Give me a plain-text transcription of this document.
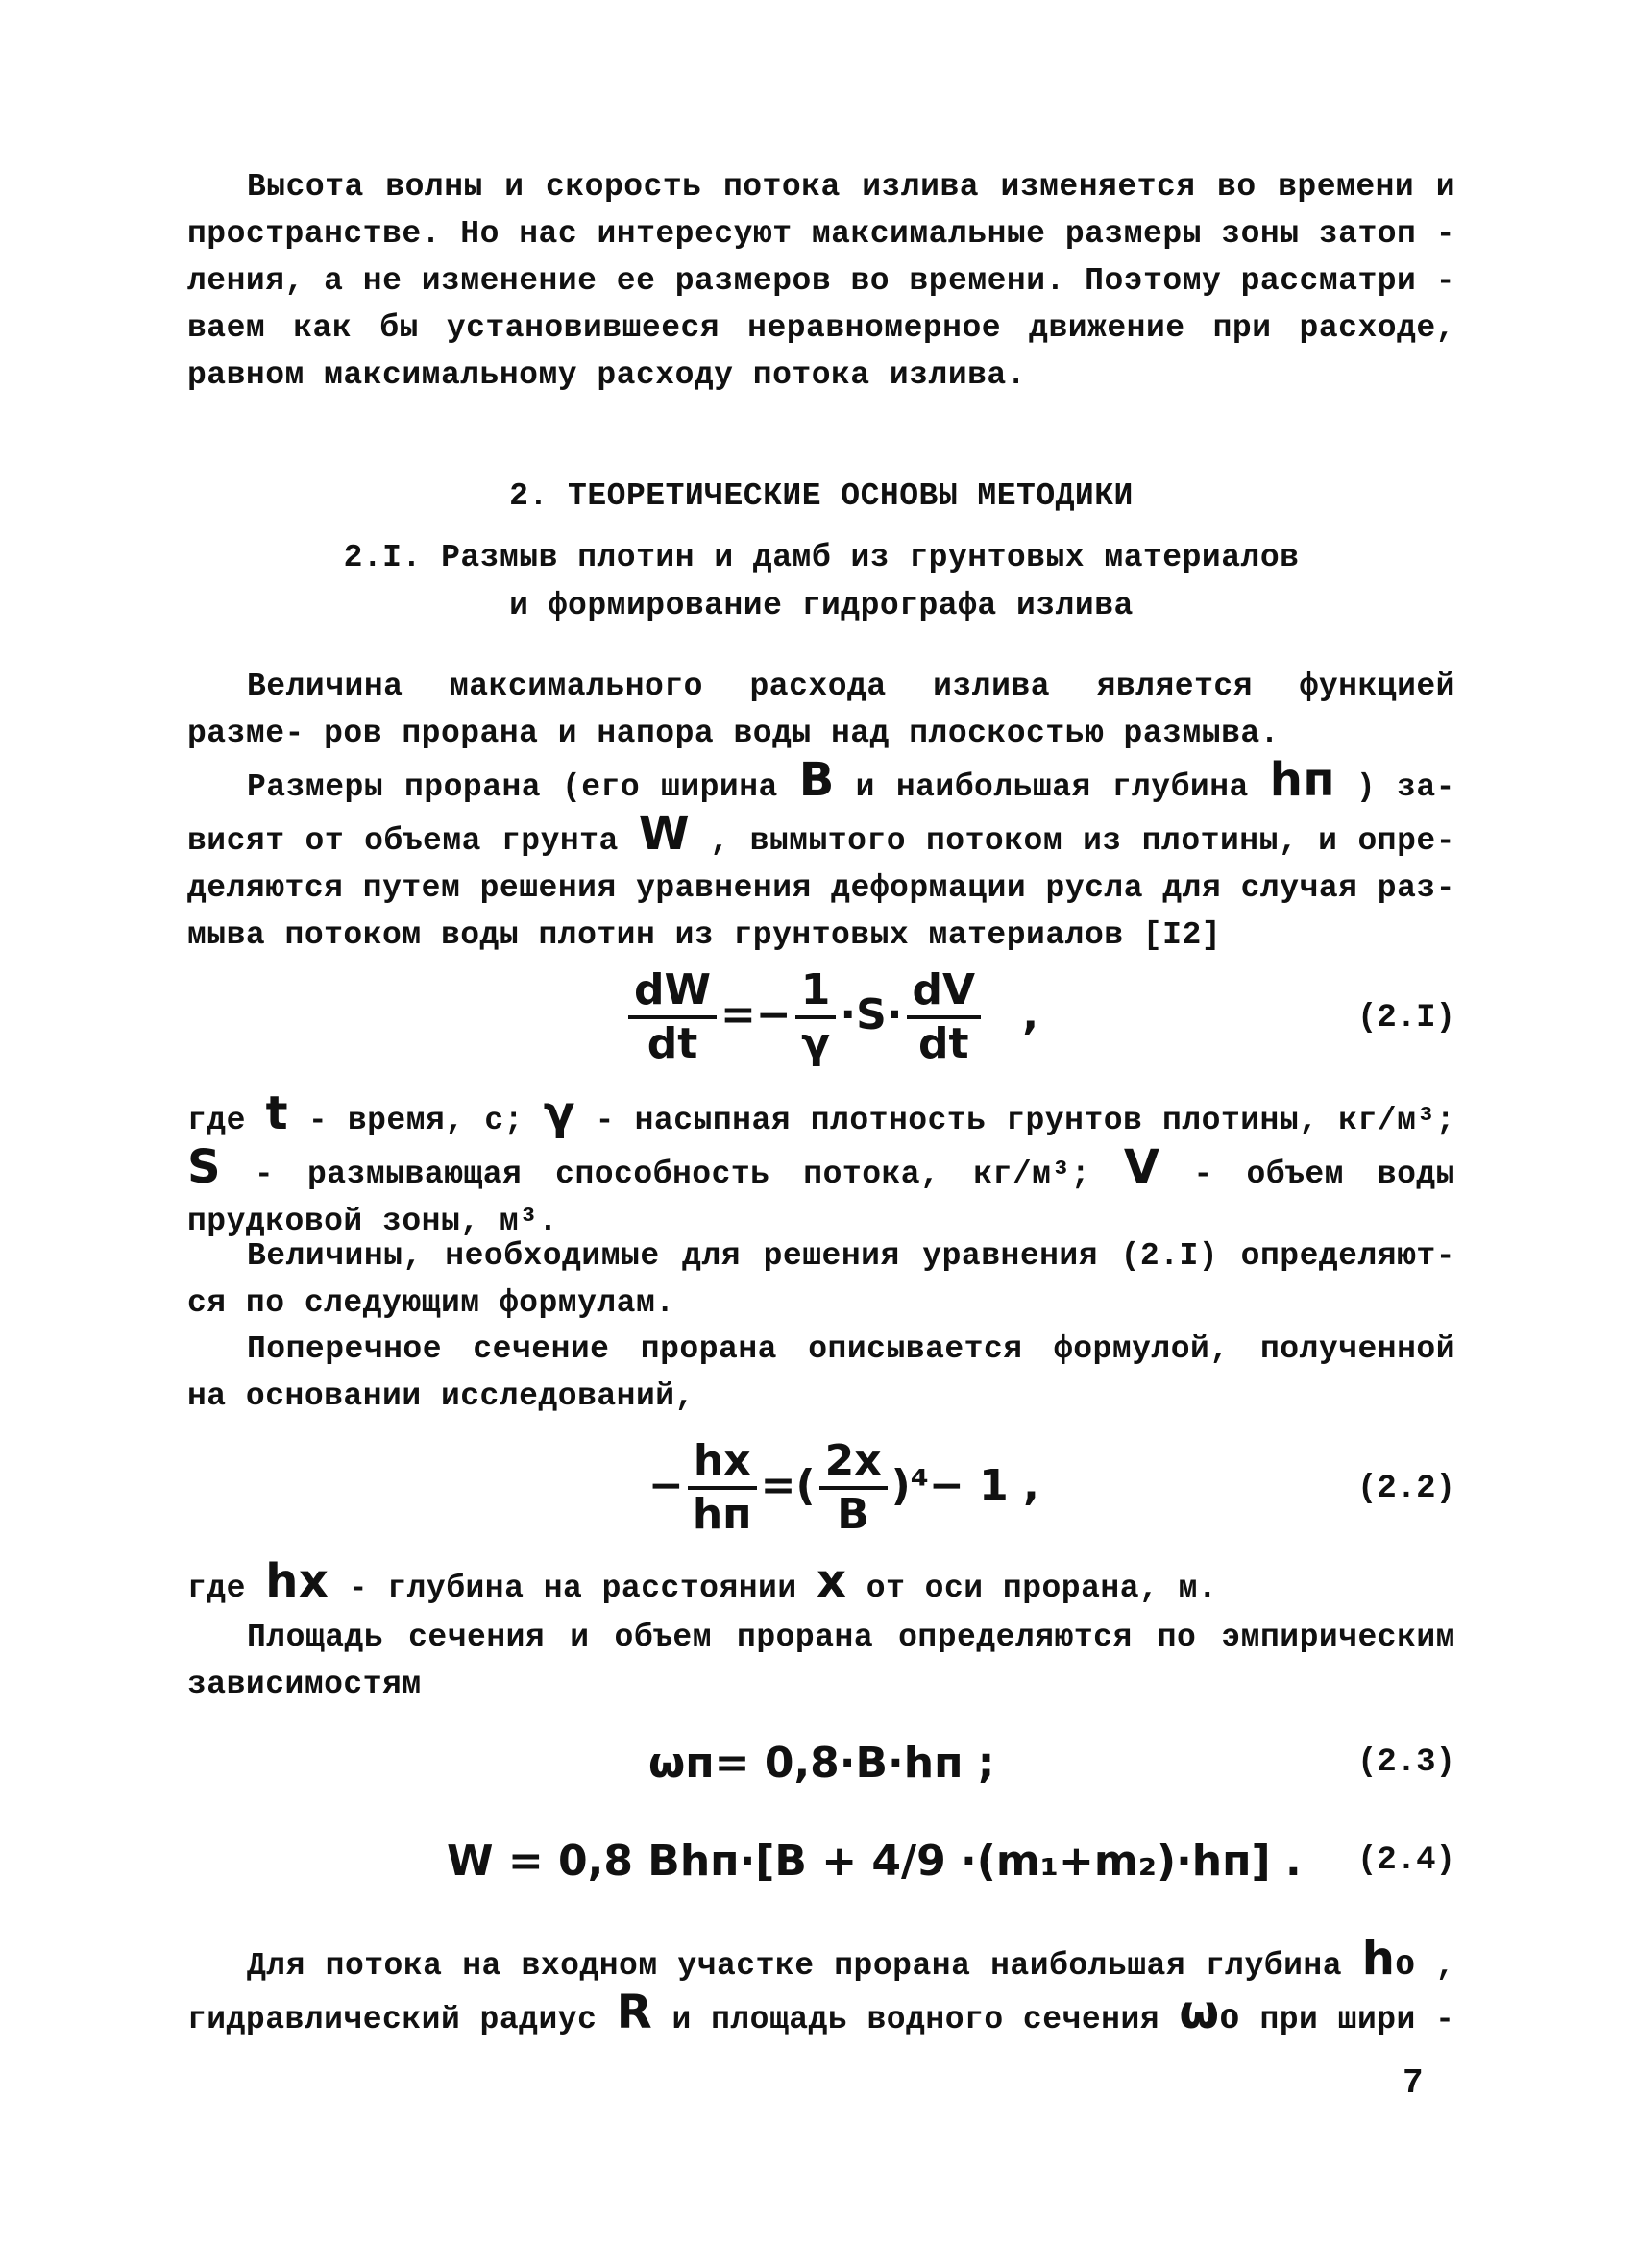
Высота волны и скорость потока излива изменяется во времени и пространстве. Но нас интересуют максимальные размеры зоны затоп - ления, а не изменение ее размеров во времени. Поэтому рассматри - ваем как бы установившееся неравномерное движение при расходе, равном максимальному расходу потока излива.
2. ТЕОРЕТИЧЕСКИЕ ОСНОВЫ МЕТОДИКИ
2.I. Размыв плотин и дамб из грунтовых материалов
и формирование гидрографа излива
Величина максимального расхода излива является функцией разме- ров прорана и напора воды над плоскостью размыва.
Размеры прорана (его ширина B и наибольшая глубина hп ) за- висят от объема грунта W , вымытого потоком из плотины, и опре- деляются путем решения уравнения деформации русла для случая раз- мыва потоком воды плотин из грунтовых материалов [I2]
$\frac{dW}{dt} =- \frac{1}{\gamma} \cdot S\cdot \frac{dV}{dt}$ ,	(2.I)
где t - время, с; γ - насыпная плотность грунтов плотины, кг/м³; S - размывающая способность потока, кг/м³; V - объем воды прудковой зоны, м³.
Величины, необходимые для решения уравнения (2.I) определяют- ся по следующим формулам.
Поперечное сечение прорана описывается формулой, полученной на основании исследований,
− $\frac{hx}{hп}$ =( $\frac{2x}{B} )^4- 1$ ,	(2.2)
где hx - глубина на расстоянии x от оси прорана, м.
Площадь сечения и объем прорана определяются по эмпирическим зависимостям
ωп= 0,8·B·hп ;	(2.3)
W = 0,8 Bhп·[B + 4/9 ·(m₁+m₂)·hп] . (2.4)
Для потока на входном участке прорана наибольшая глубина h₀ , гидравлический радиус R и площадь водного сечения ω₀ при шири -
7
